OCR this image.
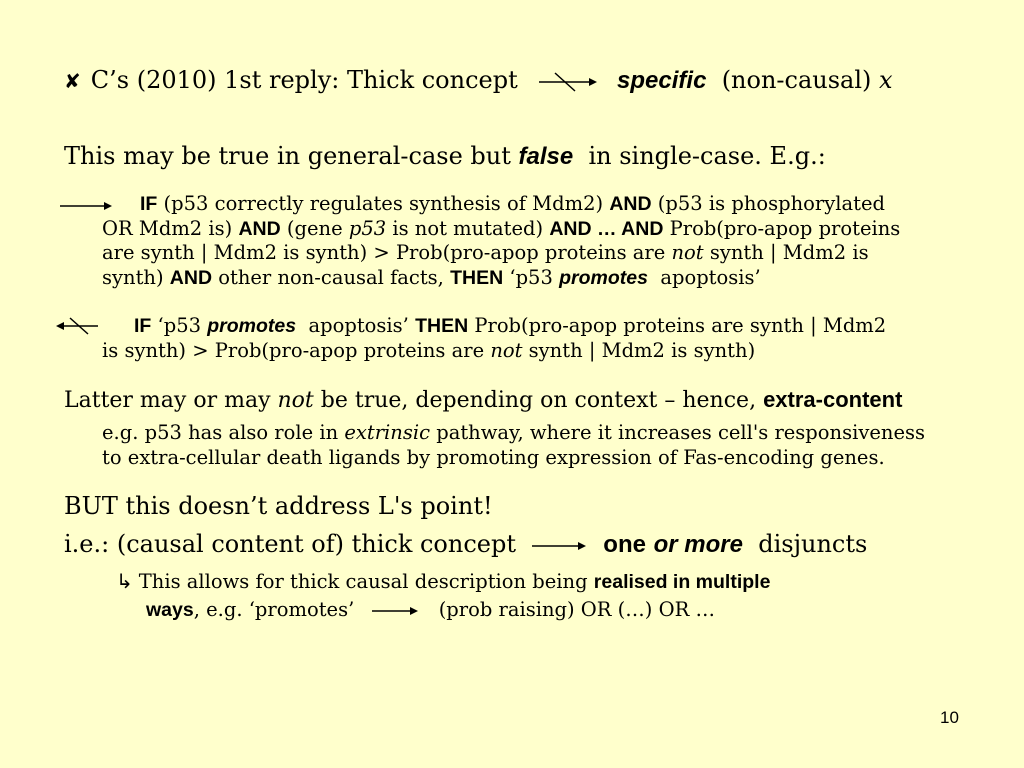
✘ C’s (2010) 1st reply: Thick concept	specific (non-causal) x
This may be true in general-case but false in single-case. E.g.:
IF (p53 correctly regulates synthesis of Mdm2) AND (p53 is phosphorylated
OR Mdm2 is) AND (gene p53 is not mutated) AND … AND Prob(pro-apop proteins
are synth | Mdm2 is synth) > Prob(pro-apop proteins are not synth | Mdm2 is
synth) AND other non-causal facts, THEN ‘p53 promotes apoptosis’
IF ‘p53 promotes apoptosis’ THEN Prob(pro-apop proteins are synth | Mdm2
is synth) > Prob(pro-apop proteins are not synth | Mdm2 is synth)
Latter may or may not be true, depending on context – hence, extra-content
e.g. p53 has also role in extrinsic pathway, where it increases cell's responsiveness
to extra-cellular death ligands by promoting expression of Fas-encoding genes.
BUT this doesn’t address L's point!
i.e.: (causal content of) thick concept	one or more disjuncts
↳ This allows for thick causal description being realised in multiple
ways, e.g. ‘promotes’	(prob raising) OR (…) OR …
10
